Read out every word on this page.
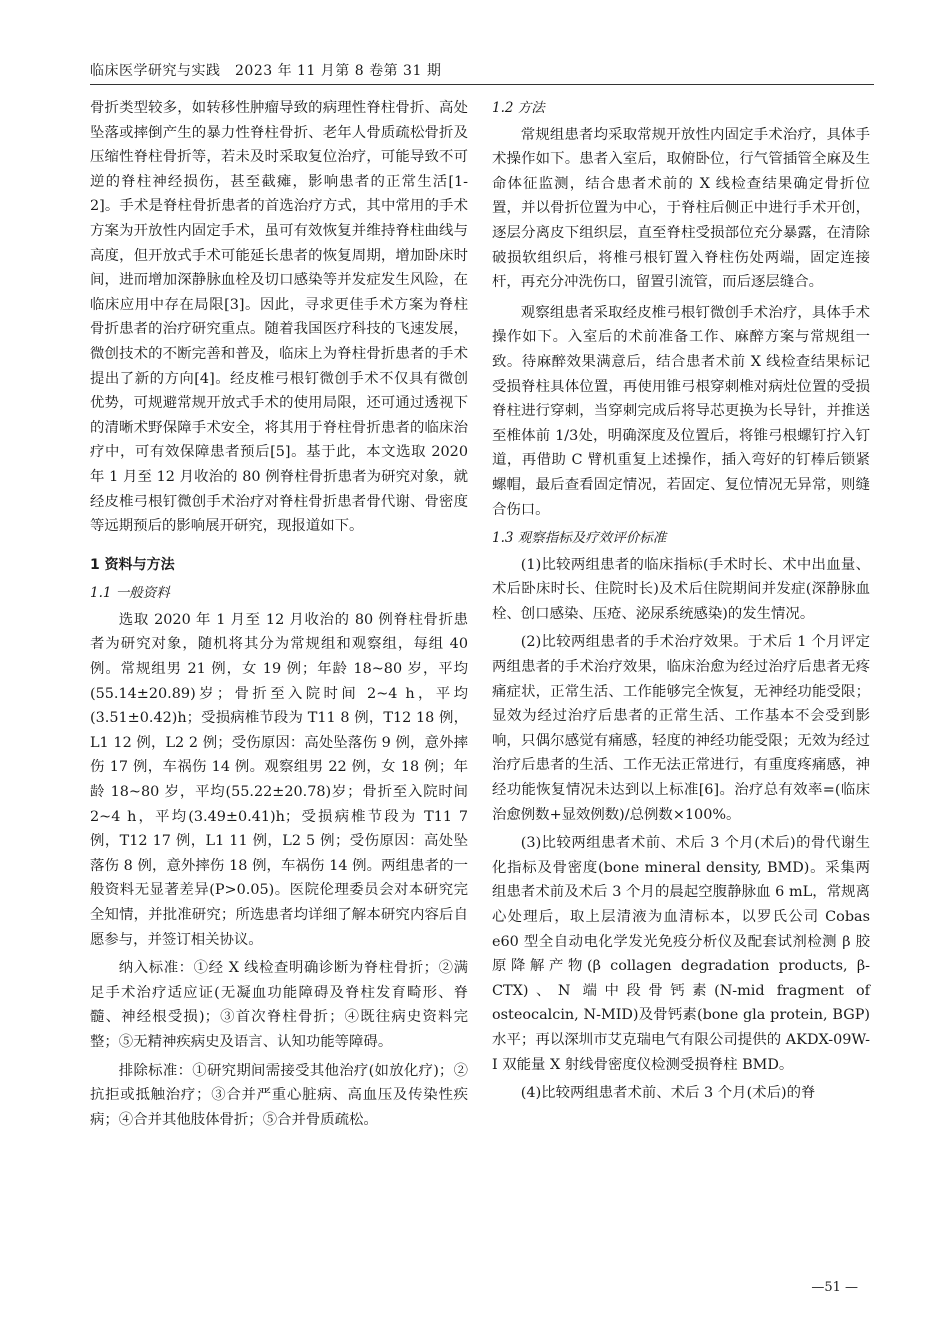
临床医学研究与实践　2023 年 11 月第 8 卷第 31 期

骨折类型较多，如转移性肿瘤导致的病理性脊柱骨折、高处坠落或摔倒产生的暴力性脊柱骨折、老年人骨质疏松骨折及压缩性脊柱骨折等，若未及时采取复位治疗，可能导致不可逆的脊柱神经损伤，甚至截瘫，影响患者的正常生活[1-2]。手术是脊柱骨折患者的首选治疗方式，其中常用的手术方案为开放性内固定手术，虽可有效恢复并维持脊柱曲线与高度，但开放式手术可能延长患者的恢复周期，增加卧床时间，进而增加深静脉血栓及切口感染等并发症发生风险，在临床应用中存在局限[3]。因此，寻求更佳手术方案为脊柱骨折患者的治疗研究重点。随着我国医疗科技的飞速发展，微创技术的不断完善和普及，临床上为脊柱骨折患者的手术提出了新的方向[4]。经皮椎弓根钉微创手术不仅具有微创优势，可规避常规开放式手术的使用局限，还可通过透视下的清晰术野保障手术安全，将其用于脊柱骨折患者的临床治疗中，可有效保障患者预后[5]。基于此，本文选取 2020 年 1 月至 12 月收治的 80 例脊柱骨折患者为研究对象，就经皮椎弓根钉微创手术治疗对脊柱骨折患者骨代谢、骨密度等远期预后的影响展开研究，现报道如下。

1 资料与方法
1.1 一般资料

选取 2020 年 1 月至 12 月收治的 80 例脊柱骨折患者为研究对象，随机将其分为常规组和观察组，每组 40 例。常规组男 21 例，女 19 例；年龄 18~80 岁，平均(55.14±20.89)岁；骨折至入院时间 2~4 h，平均(3.51±0.42)h；受损病椎节段为 T11 8 例，T12 18 例，L1 12 例，L2 2 例；受伤原因：高处坠落伤 9 例，意外摔伤 17 例，车祸伤 14 例。观察组男 22 例，女 18 例；年龄 18~80 岁，平均(55.22±20.78)岁；骨折至入院时间2~4 h，平均(3.49±0.41)h；受损病椎节段为 T11 7 例，T12 17 例，L1 11 例，L2 5 例；受伤原因：高处坠落伤 8 例，意外摔伤 18 例，车祸伤 14 例。两组患者的一般资料无显著差异(P>0.05)。医院伦理委员会对本研究完全知情，并批准研究；所选患者均详细了解本研究内容后自愿参与，并签订相关协议。

纳入标准：①经 X 线检查明确诊断为脊柱骨折；②满足手术治疗适应证(无凝血功能障碍及脊柱发育畸形、脊髓、神经根受损)；③首次脊柱骨折；④既往病史资料完整；⑤无精神疾病史及语言、认知功能等障碍。

排除标准：①研究期间需接受其他治疗(如放化疗)；②抗拒或抵触治疗；③合并严重心脏病、高血压及传染性疾病；④合并其他肢体骨折；⑤合并骨质疏松。

1.2 方法

常规组患者均采取常规开放性内固定手术治疗，具体手术操作如下。患者入室后，取俯卧位，行气管插管全麻及生命体征监测，结合患者术前的 X 线检查结果确定骨折位置，并以骨折位置为中心，于脊柱后侧正中进行手术开创，逐层分离皮下组织层，直至脊柱受损部位充分暴露，在清除破损软组织后，将椎弓根钉置入脊柱伤处两端，固定连接杆，再充分冲洗伤口，留置引流管，而后逐层缝合。

观察组患者采取经皮椎弓根钉微创手术治疗，具体手术操作如下。入室后的术前准备工作、麻醉方案与常规组一致。待麻醉效果满意后，结合患者术前 X 线检查结果标记受损脊柱具体位置，再使用锥弓根穿刺椎对病灶位置的受损脊柱进行穿刺，当穿刺完成后将导芯更换为长导针，并推送至椎体前 1/3处，明确深度及位置后，将锥弓根螺钉拧入钉道，再借助 C 臂机重复上述操作，插入弯好的钉棒后锁紧螺帽，最后查看固定情况，若固定、复位情况无异常，则缝合伤口。

1.3 观察指标及疗效评价标准

(1)比较两组患者的临床指标(手术时长、术中出血量、术后卧床时长、住院时长)及术后住院期间并发症(深静脉血栓、创口感染、压疮、泌尿系统感染)的发生情况。

(2)比较两组患者的手术治疗效果。于术后 1 个月评定两组患者的手术治疗效果，临床治愈为经过治疗后患者无疼痛症状，正常生活、工作能够完全恢复，无神经功能受限；显效为经过治疗后患者的正常生活、工作基本不会受到影响，只偶尔感觉有痛感，轻度的神经功能受限；无效为经过治疗后患者的生活、工作无法正常进行，有重度疼痛感，神经功能恢复情况未达到以上标准[6]。治疗总有效率=(临床治愈例数+显效例数)/总例数×100%。

(3)比较两组患者术前、术后 3 个月(术后)的骨代谢生化指标及骨密度(bone mineral density, BMD)。采集两组患者术前及术后 3 个月的晨起空腹静脉血 6 mL，常规离心处理后，取上层清液为血清标本，以罗氏公司 Cobas e60 型全自动电化学发光免疫分析仪及配套试剂检测 β 胶原降解产物(β collagen degradation products, β-CTX)、N 端中段骨钙素(N-mid fragment of osteocalcin, N-MID)及骨钙素(bone gla protein, BGP)水平；再以深圳市艾克瑞电气有限公司提供的 AKDX-09W-I 双能量 X 射线骨密度仪检测受损脊柱 BMD。

(4)比较两组患者术前、术后 3 个月(术后)的脊

—51 —
